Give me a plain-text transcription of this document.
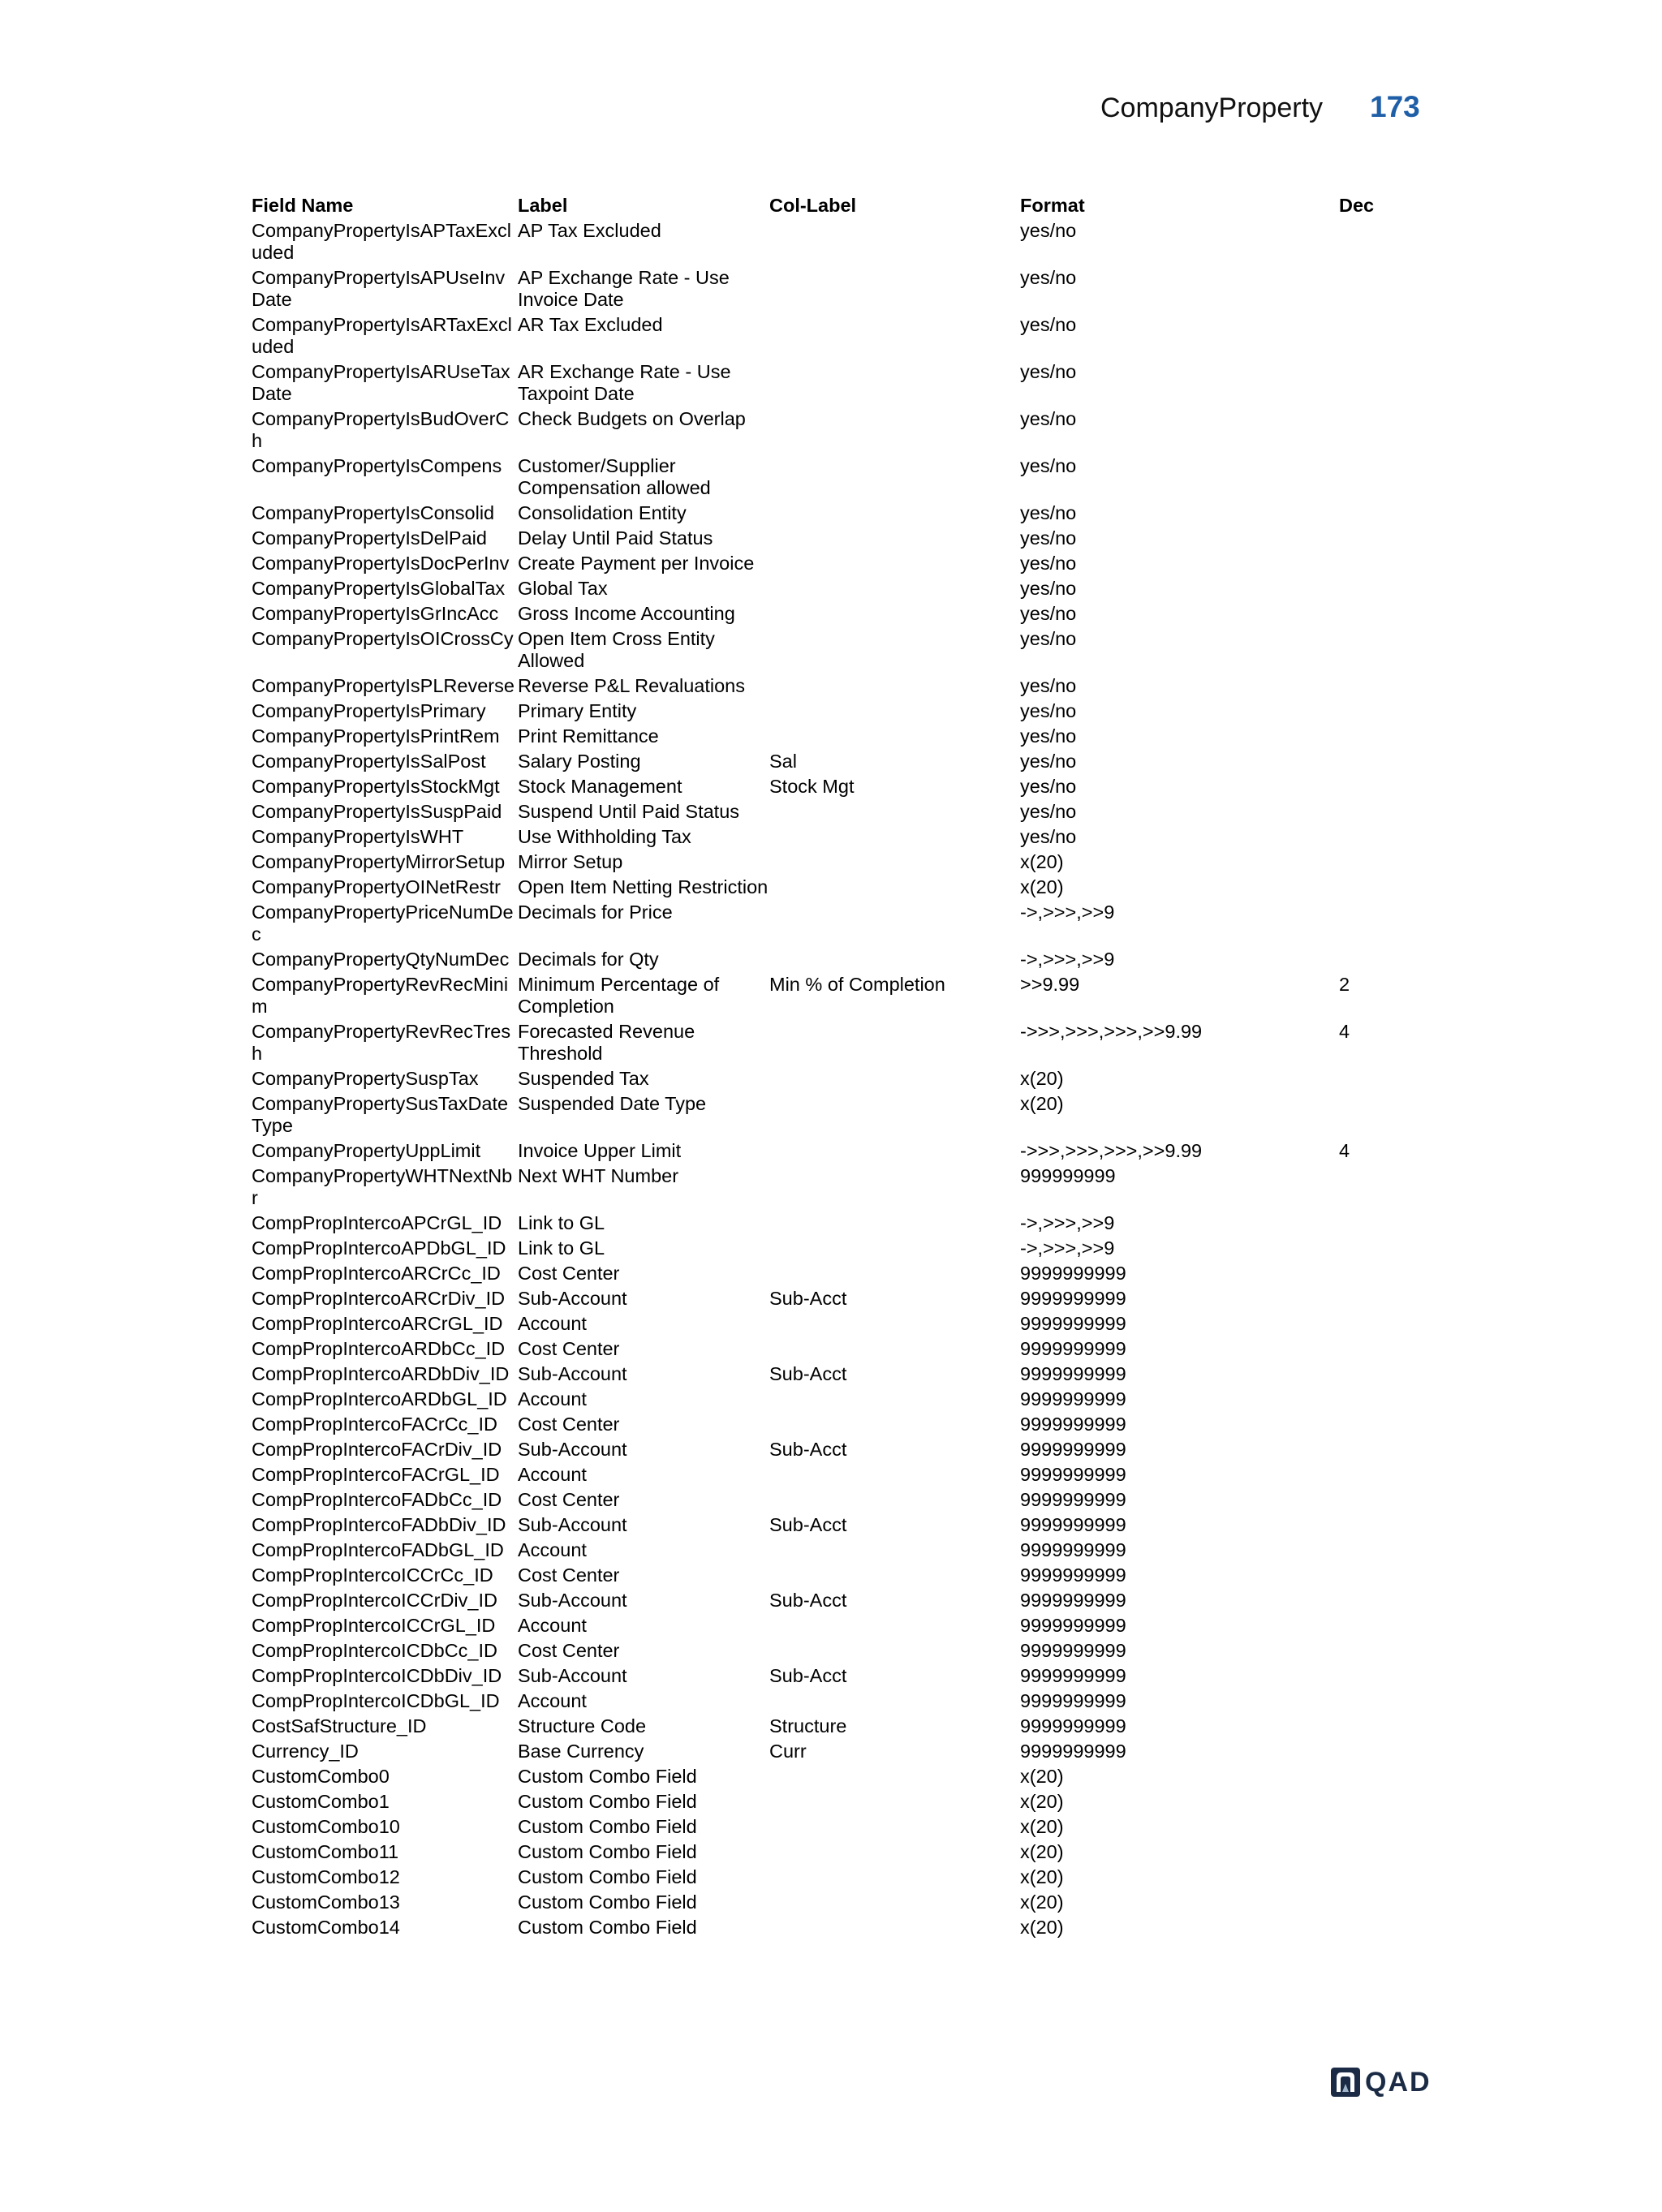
CompanyProperty 173
Field Name	Label	Col-Label	Format	Dec
CompanyPropertyIsAPTaxExcluded	AP Tax Excluded		yes/no	
CompanyPropertyIsAPUseInvDate	AP Exchange Rate - Use Invoice Date		yes/no	
CompanyPropertyIsARTaxExcluded	AR Tax Excluded		yes/no	
CompanyPropertyIsARUseTaxDate	AR Exchange Rate - Use Taxpoint Date		yes/no	
CompanyPropertyIsBudOverCh	Check Budgets on Overlap		yes/no	
CompanyPropertyIsCompens	Customer/Supplier Compensation allowed		yes/no	
CompanyPropertyIsConsolid	Consolidation Entity		yes/no	
CompanyPropertyIsDelPaid	Delay Until Paid Status		yes/no	
CompanyPropertyIsDocPerInv	Create Payment per Invoice		yes/no	
CompanyPropertyIsGlobalTax	Global Tax		yes/no	
CompanyPropertyIsGrIncAcc	Gross Income Accounting		yes/no	
CompanyPropertyIsOICrossCy	Open Item Cross Entity Allowed		yes/no	
CompanyPropertyIsPLReverse	Reverse P&L Revaluations		yes/no	
CompanyPropertyIsPrimary	Primary Entity		yes/no	
CompanyPropertyIsPrintRem	Print Remittance		yes/no	
CompanyPropertyIsSalPost	Salary Posting	Sal	yes/no	
CompanyPropertyIsStockMgt	Stock Management	Stock Mgt	yes/no	
CompanyPropertyIsSuspPaid	Suspend Until Paid Status		yes/no	
CompanyPropertyIsWHT	Use Withholding Tax		yes/no	
CompanyPropertyMirrorSetup	Mirror Setup		x(20)	
CompanyPropertyOINetRestr	Open Item Netting Restriction		x(20)	
CompanyPropertyPriceNumDec	Decimals for Price		->,>>>,>>9	
CompanyPropertyQtyNumDec	Decimals for Qty		->,>>>,>>9	
CompanyPropertyRevRecMinim	Minimum Percentage of Completion	Min % of Completion	>>9.99	2
CompanyPropertyRevRecTresh	Forecasted Revenue Threshold		->>>,>>>,>>>,>>9.99	4
CompanyPropertySuspTax	Suspended Tax		x(20)	
CompanyPropertySusTaxDateType	Suspended Date Type		x(20)	
CompanyPropertyUppLimit	Invoice Upper Limit		->>>,>>>,>>>,>>9.99	4
CompanyPropertyWHTNextNbr	Next WHT Number		999999999	
CompPropIntercoAPCrGL_ID	Link to GL		->,>>>,>>9	
CompPropIntercoAPDbGL_ID	Link to GL		->,>>>,>>9	
CompPropIntercoARCrCc_ID	Cost Center		9999999999	
CompPropIntercoARCrDiv_ID	Sub-Account	Sub-Acct	9999999999	
CompPropIntercoARCrGL_ID	Account		9999999999	
CompPropIntercoARDbCc_ID	Cost Center		9999999999	
CompPropIntercoARDbDiv_ID	Sub-Account	Sub-Acct	9999999999	
CompPropIntercoARDbGL_ID	Account		9999999999	
CompPropIntercoFACrCc_ID	Cost Center		9999999999	
CompPropIntercoFACrDiv_ID	Sub-Account	Sub-Acct	9999999999	
CompPropIntercoFACrGL_ID	Account		9999999999	
CompPropIntercoFADbCc_ID	Cost Center		9999999999	
CompPropIntercoFADbDiv_ID	Sub-Account	Sub-Acct	9999999999	
CompPropIntercoFADbGL_ID	Account		9999999999	
CompPropIntercoICCrCc_ID	Cost Center		9999999999	
CompPropIntercoICCrDiv_ID	Sub-Account	Sub-Acct	9999999999	
CompPropIntercoICCrGL_ID	Account		9999999999	
CompPropIntercoICDbCc_ID	Cost Center		9999999999	
CompPropIntercoICDbDiv_ID	Sub-Account	Sub-Acct	9999999999	
CompPropIntercoICDbGL_ID	Account		9999999999	
CostSafStructure_ID	Structure Code	Structure	9999999999	
Currency_ID	Base Currency	Curr	9999999999	
CustomCombo0	Custom Combo Field		x(20)	
CustomCombo1	Custom Combo Field		x(20)	
CustomCombo10	Custom Combo Field		x(20)	
CustomCombo11	Custom Combo Field		x(20)	
CustomCombo12	Custom Combo Field		x(20)	
CustomCombo13	Custom Combo Field		x(20)	
CustomCombo14	Custom Combo Field		x(20)	
QAD
